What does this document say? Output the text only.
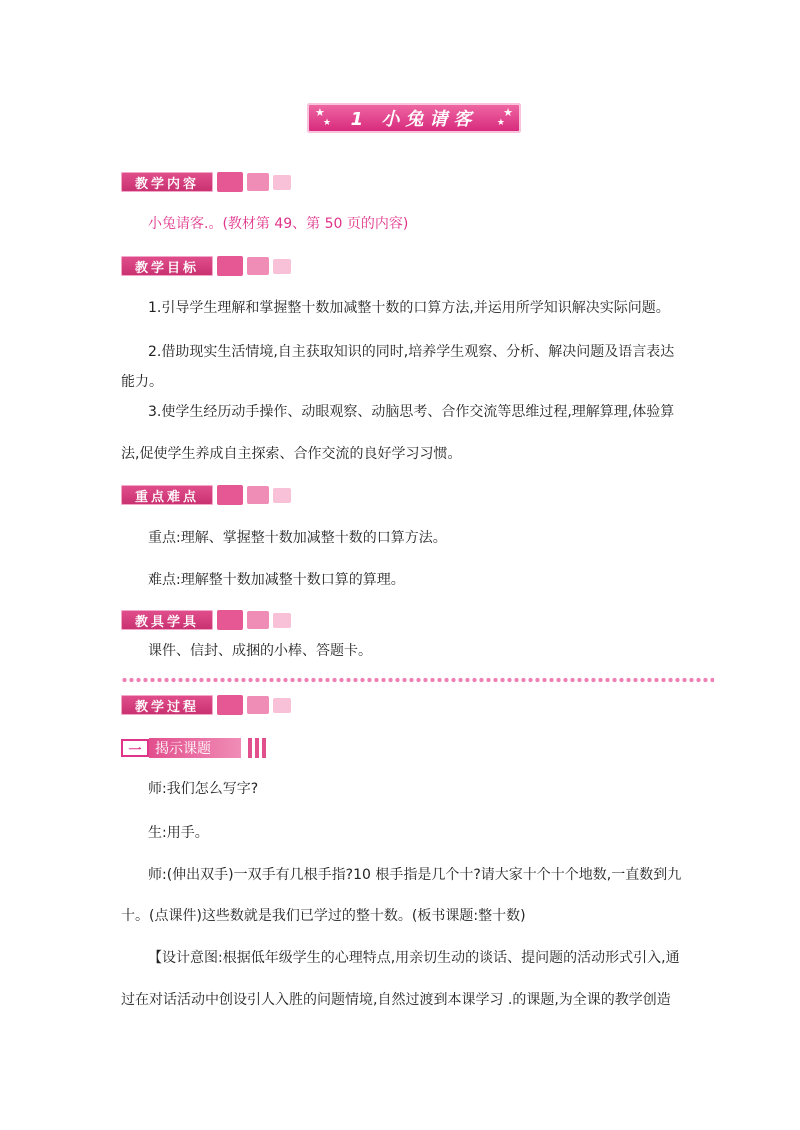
★
★ 1 小兔请客 ★
★
教学内容
小兔请客.。(教材第 49、第 50 页的内容)
教学目标
1.引导学生理解和掌握整十数加减整十数的口算方法,并运用所学知识解决实际问题。
2.借助现实生活情境,自主获取知识的同时,培养学生观察、分析、解决问题及语言表达
能力。
3.使学生经历动手操作、动眼观察、动脑思考、合作交流等思维过程,理解算理,体验算
法,促使学生养成自主探索、合作交流的良好学习习惯。
重点难点
重点:理解、掌握整十数加减整十数的口算方法。
难点:理解整十数加减整十数口算的算理。
教具学具
课件、信封、成捆的小棒、答题卡。
教学过程
一 揭示课题
师:我们怎么写字?
生:用手。
师:(伸出双手)一双手有几根手指?10 根手指是几个十?请大家十个十个地数,一直数到九
十。(点课件)这些数就是我们已学过的整十数。(板书课题:整十数)
【设计意图:根据低年级学生的心理特点,用亲切生动的谈话、提问题的活动形式引入,通
过在对话活动中创设引人入胜的问题情境,自然过渡到本课学习 .的课题,为全课的教学创造
